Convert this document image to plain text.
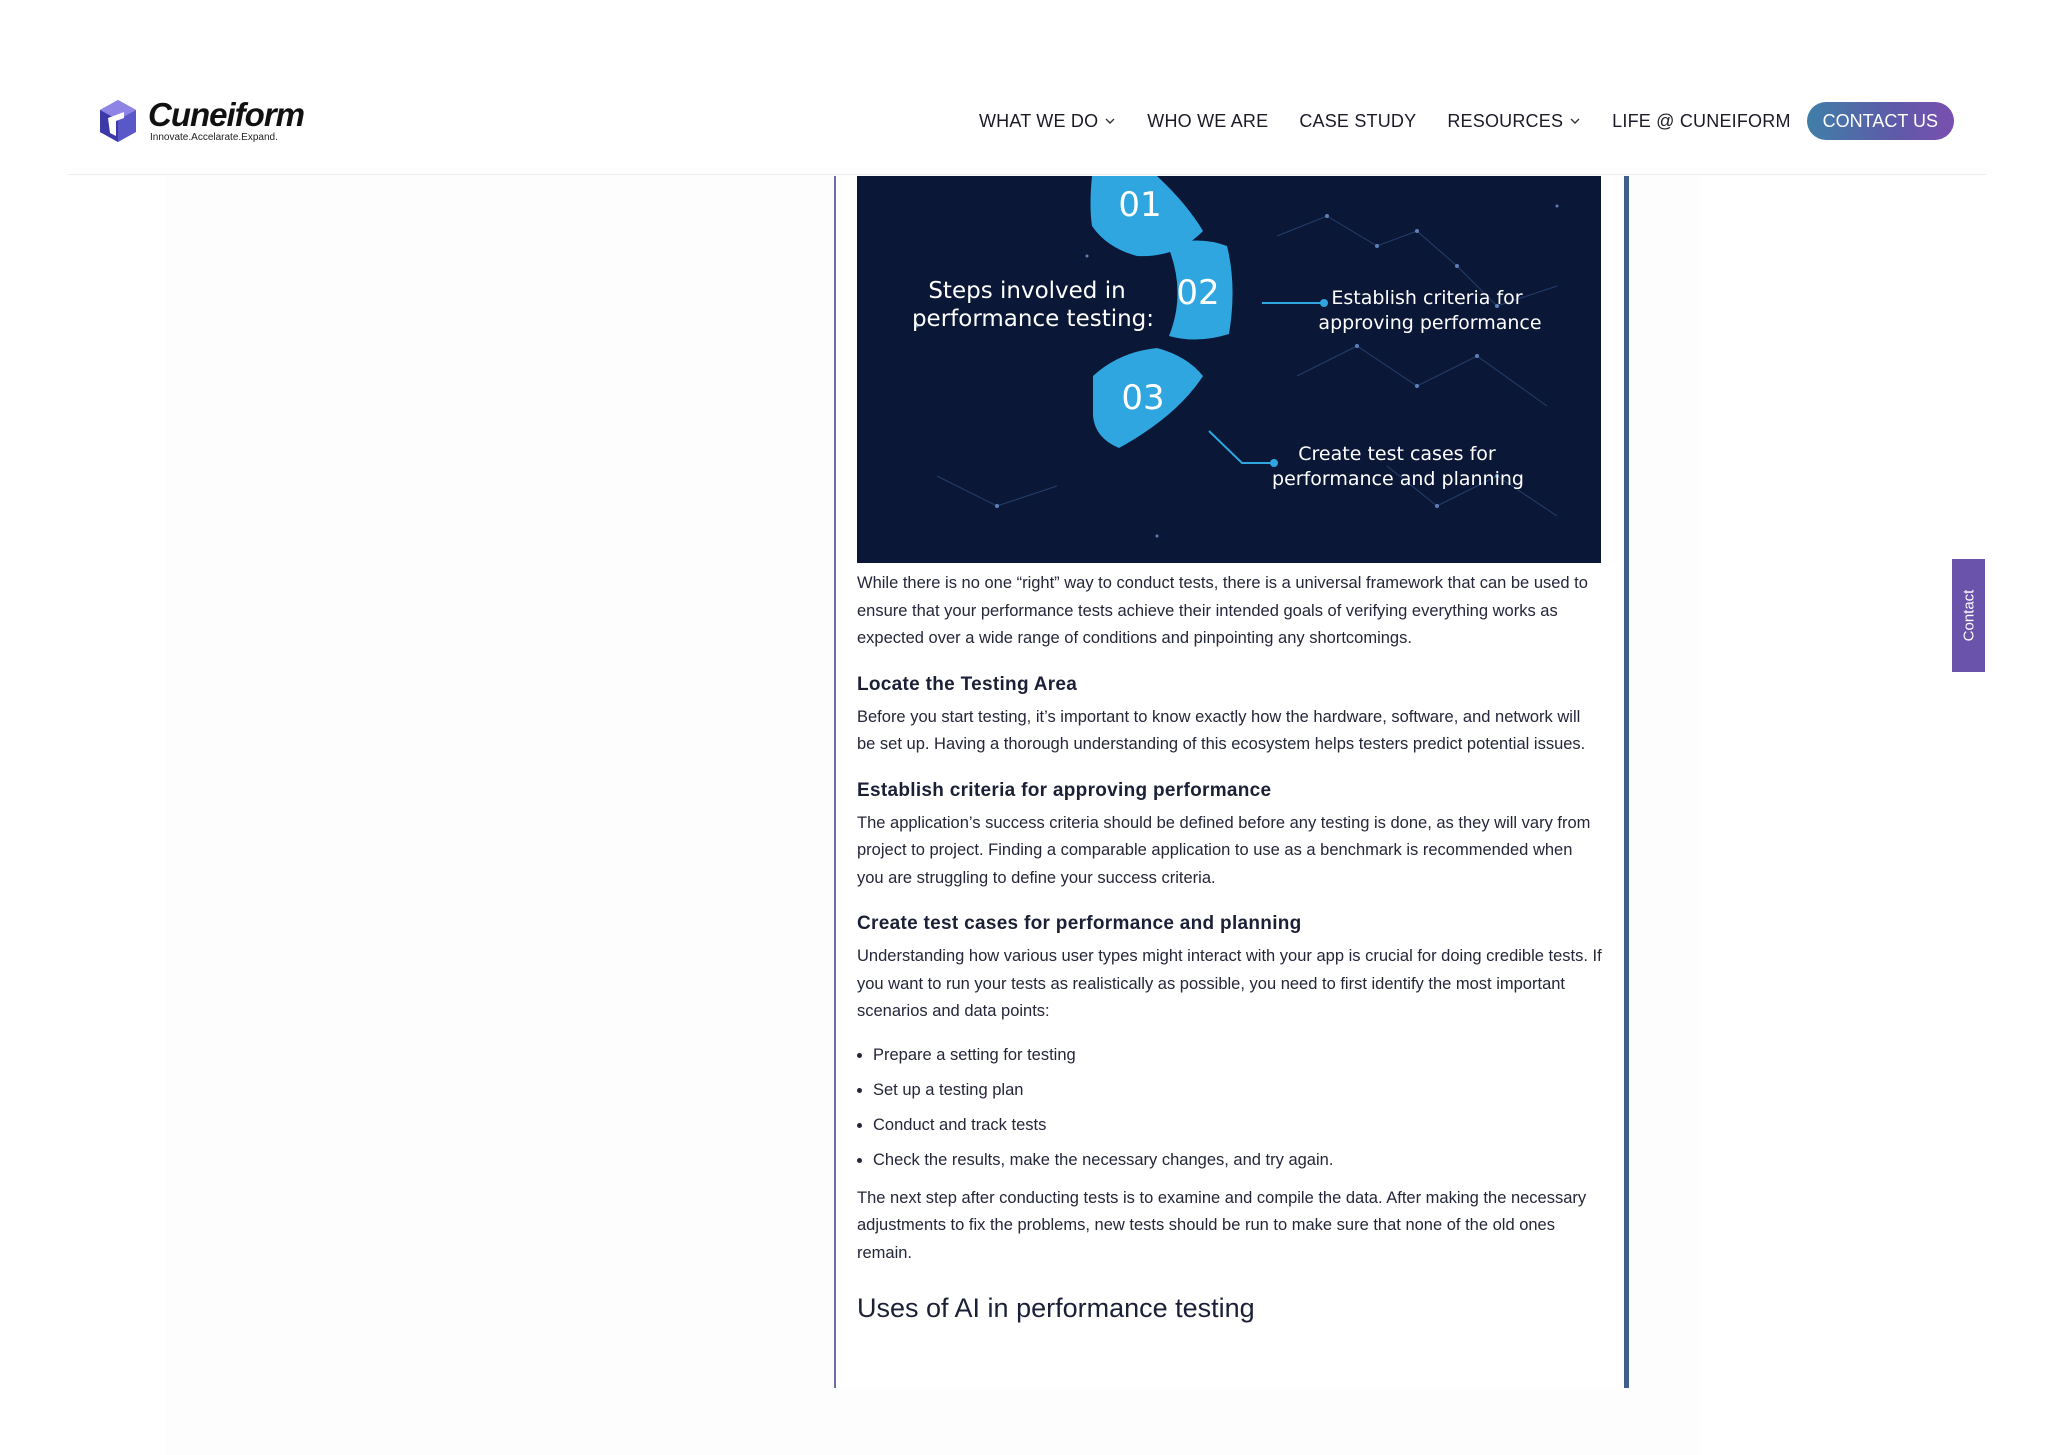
Cuneiform
Innovate.Accelarate.Expand.
WHAT WE DO	WHO WE ARE CASE STUDY RESOURCES	LIFE @ CUNEIFORM	CONTACT US
01
02
03
Steps involved in
performance testing:
Establish criteria for
approving performance
Create test cases for
performance and planning

While there is no one “right” way to conduct tests, there is a universal framework that can be used to ensure that your performance tests achieve their intended goals of verifying everything works as expected over a wide range of conditions and pinpointing any shortcomings.

Locate the Testing Area

Before you start testing, it’s important to know exactly how the hardware, software, and network will be set up. Having a thorough understanding of this ecosystem helps testers predict potential issues.

Establish criteria for approving performance

The application’s success criteria should be defined before any testing is done, as they will vary from project to project. Finding a comparable application to use as a benchmark is recommended when you are struggling to define your success criteria.

Create test cases for performance and planning

Understanding how various user types might interact with your app is crucial for doing credible tests. If you want to run your tests as realistically as possible, you need to first identify the most important scenarios and data points:

• Prepare a setting for testing
• Set up a testing plan
• Conduct and track tests
• Check the results, make the necessary changes, and try again.

The next step after conducting tests is to examine and compile the data. After making the necessary adjustments to fix the problems, new tests should be run to make sure that none of the old ones remain.

Uses of AI in performance testing
Contact
